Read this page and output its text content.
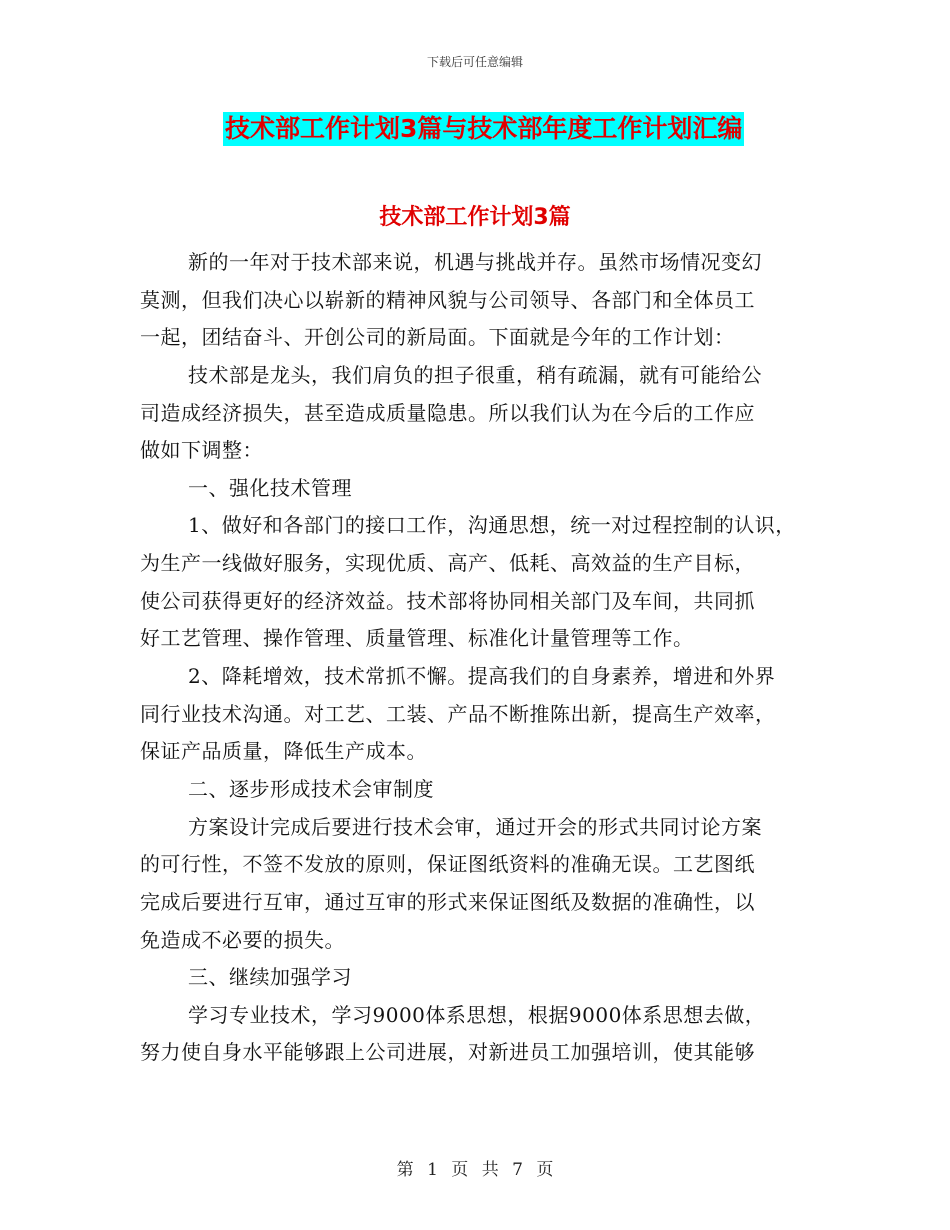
下载后可任意编辑
技术部工作计划3篇与技术部年度工作计划汇编
技术部工作计划3篇
新的一年对于技术部来说，机遇与挑战并存。虽然市场情况变幻
莫测，但我们决心以崭新的精神风貌与公司领导、各部门和全体员工
一起，团结奋斗、开创公司的新局面。下面就是今年的工作计划：
技术部是龙头，我们肩负的担子很重，稍有疏漏，就有可能给公
司造成经济损失，甚至造成质量隐患。所以我们认为在今后的工作应
做如下调整：
一、强化技术管理
1、做好和各部门的接口工作，沟通思想，统一对过程控制的认识，
为生产一线做好服务，实现优质、高产、低耗、高效益的生产目标，
使公司获得更好的经济效益。技术部将协同相关部门及车间，共同抓
好工艺管理、操作管理、质量管理、标准化计量管理等工作。
2、降耗增效，技术常抓不懈。提高我们的自身素养，增进和外界
同行业技术沟通。对工艺、工装、产品不断推陈出新，提高生产效率，
保证产品质量，降低生产成本。
二、逐步形成技术会审制度
方案设计完成后要进行技术会审，通过开会的形式共同讨论方案
的可行性，不签不发放的原则，保证图纸资料的准确无误。工艺图纸
完成后要进行互审，通过互审的形式来保证图纸及数据的准确性，以
免造成不必要的损失。
三、继续加强学习
学习专业技术，学习9000体系思想，根据9000体系思想去做，
努力使自身水平能够跟上公司进展，对新进员工加强培训，使其能够
第 1 页 共 7 页
